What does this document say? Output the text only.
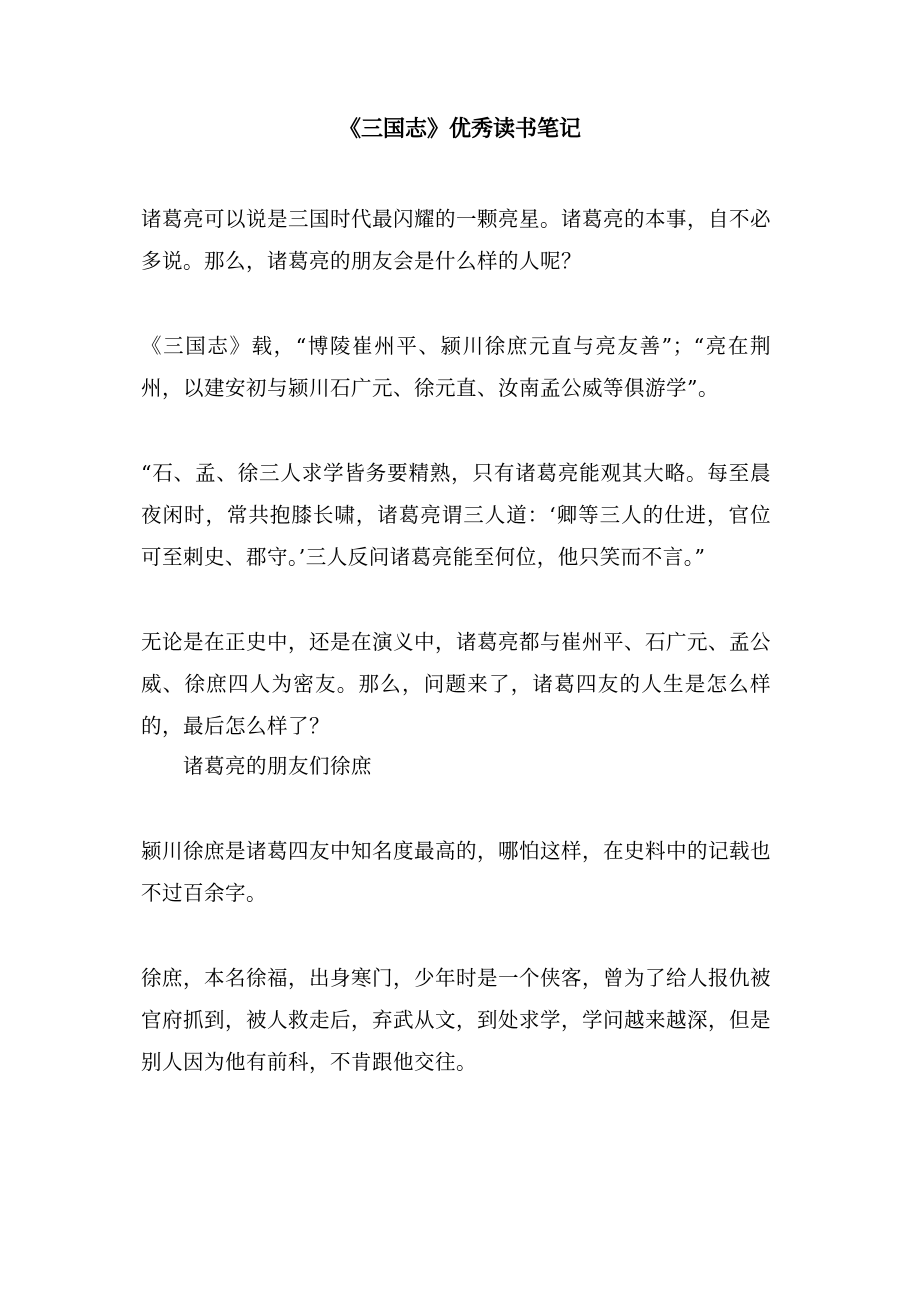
《三国志》优秀读书笔记

诸葛亮可以说是三国时代最闪耀的一颗亮星。诸葛亮的本事，自不必多说。那么，诸葛亮的朋友会是什么样的人呢？

《三国志》载，“博陵崔州平、颍川徐庶元直与亮友善”；“亮在荆州，以建安初与颍川石广元、徐元直、汝南孟公威等俱游学”。

“石、孟、徐三人求学皆务要精熟，只有诸葛亮能观其大略。每至晨夜闲时，常共抱膝长啸，诸葛亮谓三人道：‘卿等三人的仕进，官位可至刺史、郡守。’三人反问诸葛亮能至何位，他只笑而不言。”

无论是在正史中，还是在演义中，诸葛亮都与崔州平、石广元、孟公威、徐庶四人为密友。那么，问题来了，诸葛四友的人生是怎么样的，最后怎么样了？

诸葛亮的朋友们徐庶

颍川徐庶是诸葛四友中知名度最高的，哪怕这样，在史料中的记载也不过百余字。

徐庶，本名徐福，出身寒门，少年时是一个侠客，曾为了给人报仇被官府抓到，被人救走后，弃武从文，到处求学，学问越来越深，但是别人因为他有前科，不肯跟他交往。
